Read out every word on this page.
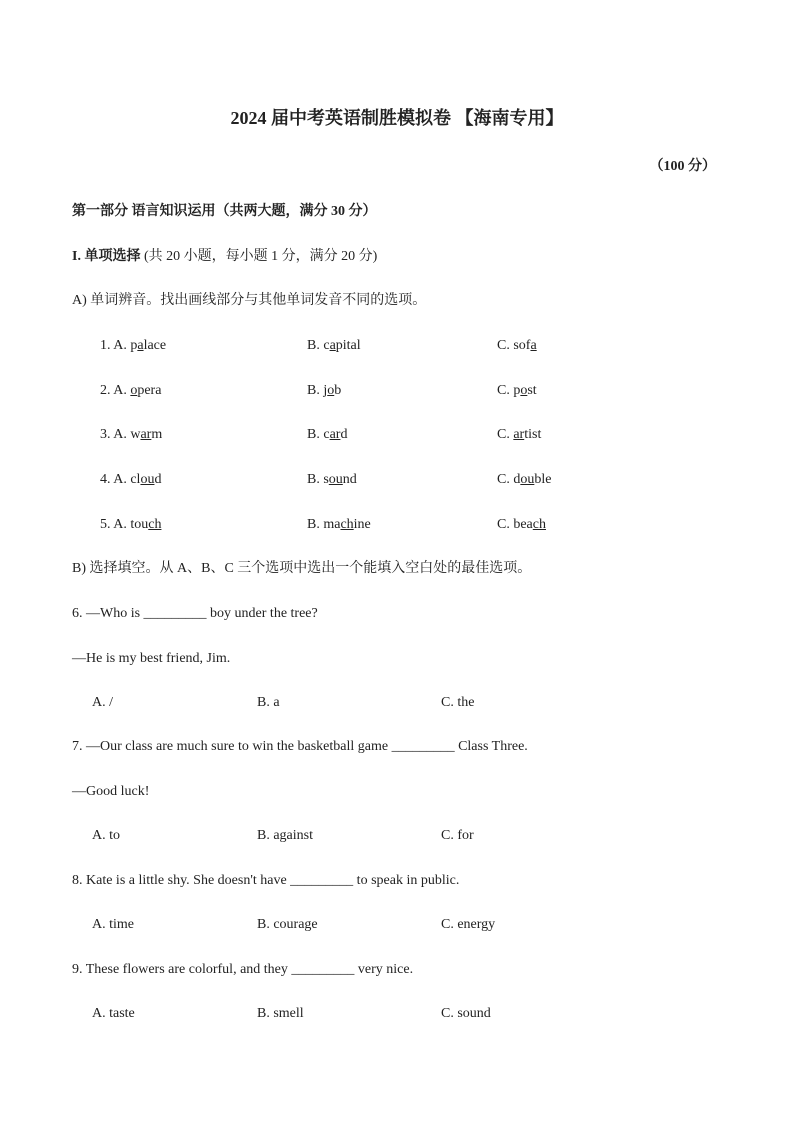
2024 届中考英语制胜模拟卷 【海南专用】
（100 分）
第一部分 语言知识运用（共两大题，满分 30 分）
I. 单项选择 (共 20 小题，每小题 1 分，满分 20 分)
A) 单词辨音。找出画线部分与其他单词发音不同的选项。
1. A. palace	B. capital	C. sofa
2. A. opera	B. job	C. post
3. A. warm	B. card	C. artist
4. A. cloud	B. sound	C. double
5. A. touch	B. machine	C. beach
B) 选择填空。从 A、B、C 三个选项中选出一个能填入空白处的最佳选项。
6. —Who is _________ boy under the tree?
—He is my best friend, Jim.
A. /	B. a	C. the
7. —Our class are much sure to win the basketball game _________ Class Three.
—Good luck!
A. to	B. against	C. for
8. Kate is a little shy. She doesn't have _________ to speak in public.
A. time	B. courage	C. energy
9. These flowers are colorful, and they _________ very nice.
A. taste	B. smell	C. sound
